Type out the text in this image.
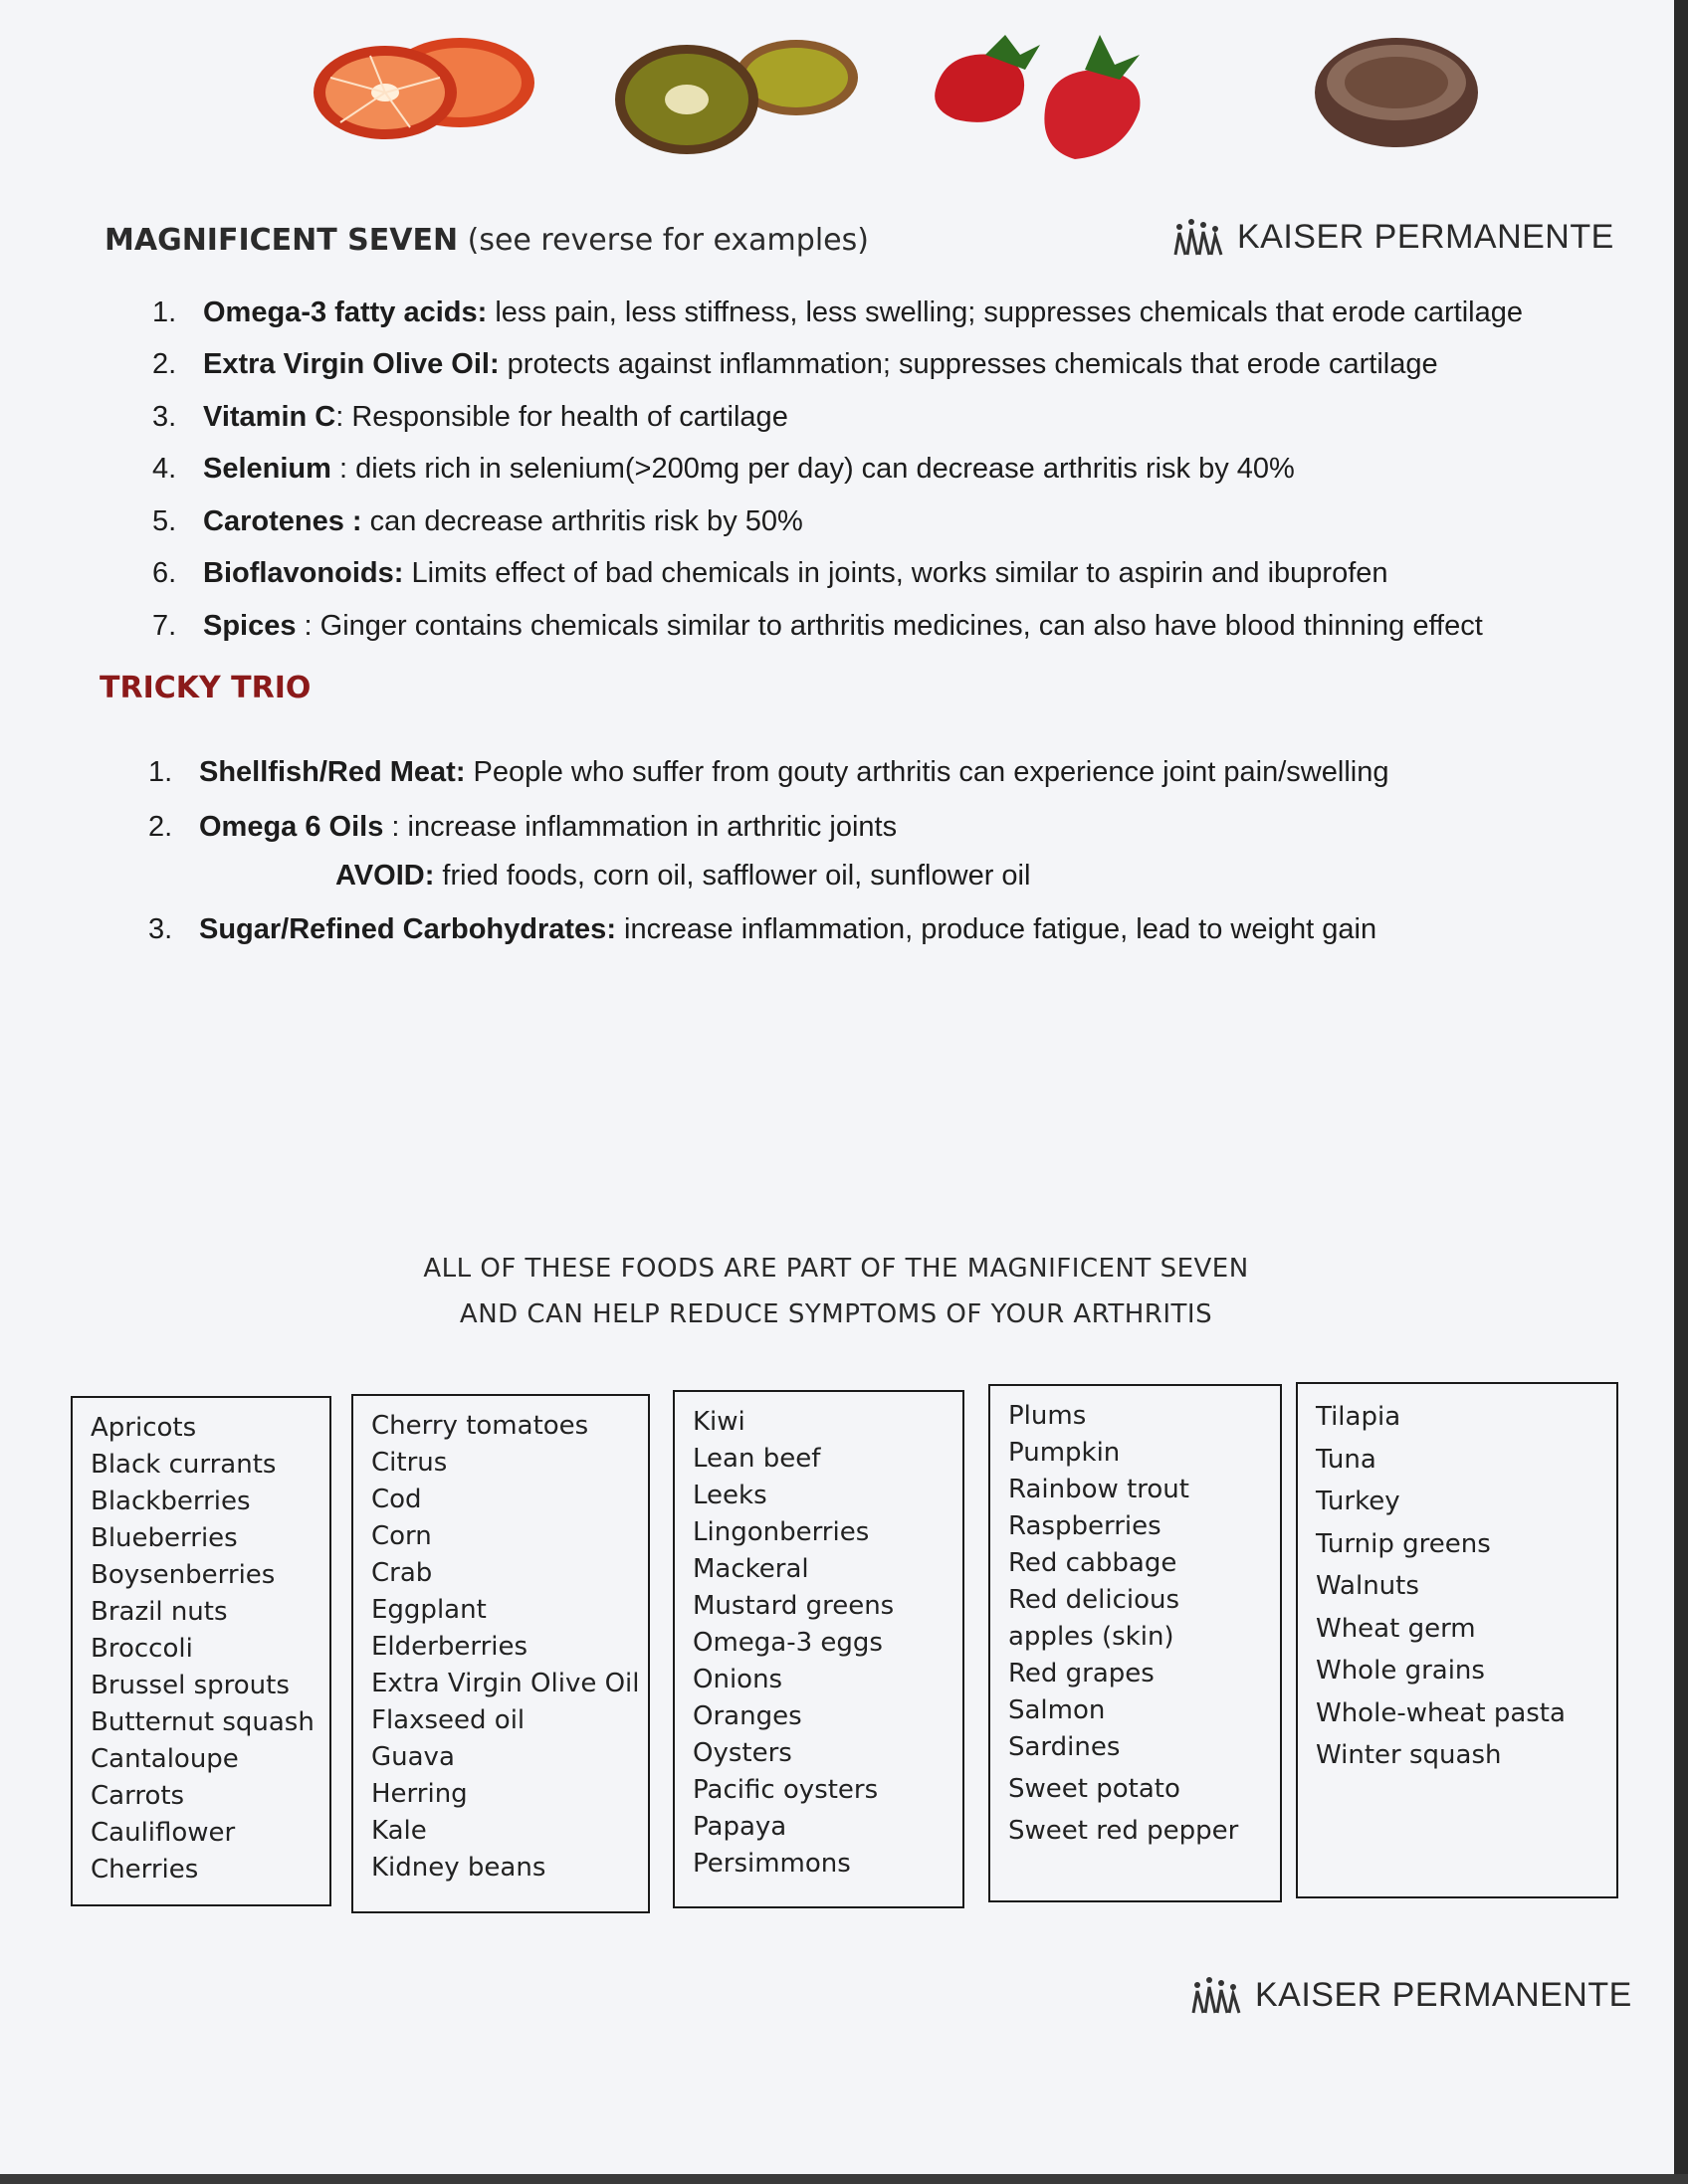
KAISER PERMANENTE
MAGNIFICENT SEVEN (see reverse for examples)
1. Omega-3 fatty acids: less pain, less stiffness, less swelling; suppresses chemicals that erode cartilage
2. Extra Virgin Olive Oil: protects against inflammation; suppresses chemicals that erode cartilage
3. Vitamin C: Responsible for health of cartilage
4. Selenium : diets rich in selenium(>200mg per day) can decrease arthritis risk by 40%
5. Carotenes : can decrease arthritis risk by 50%
6. Bioflavonoids: Limits effect of bad chemicals in joints, works similar to aspirin and ibuprofen
7. Spices : Ginger contains chemicals similar to arthritis medicines, can also have blood thinning effect
TRICKY TRIO
1. Shellfish/Red Meat: People who suffer from gouty arthritis can experience joint pain/swelling
2. Omega 6 Oils : increase inflammation in arthritic joints
AVOID: fried foods, corn oil, safflower oil, sunflower oil
3. Sugar/Refined Carbohydrates: increase inflammation, produce fatigue, lead to weight gain
ALL OF THESE FOODS ARE PART OF THE MAGNIFICENT SEVEN
AND CAN HELP REDUCE SYMPTOMS OF YOUR ARTHRITIS
Apricots
Black currants
Blackberries
Blueberries
Boysenberries
Brazil nuts
Broccoli
Brussel sprouts
Butternut squash
Cantaloupe
Carrots
Cauliflower
Cherries
Cherry tomatoes
Citrus
Cod
Corn
Crab
Eggplant
Elderberries
Extra Virgin Olive Oil
Flaxseed oil
Guava
Herring
Kale
Kidney beans
Kiwi
Lean beef
Leeks
Lingonberries
Mackeral
Mustard greens
Omega-3 eggs
Onions
Oranges
Oysters
Pacific oysters
Papaya
Persimmons
Plums
Pumpkin
Rainbow trout
Raspberries
Red cabbage
Red delicious
apples (skin)
Red grapes
Salmon
Sardines
Sweet potato
Sweet red pepper
Tilapia
Tuna
Turkey
Turnip greens
Walnuts
Wheat germ
Whole grains
Whole-wheat pasta
Winter squash
KAISER PERMANENTE
